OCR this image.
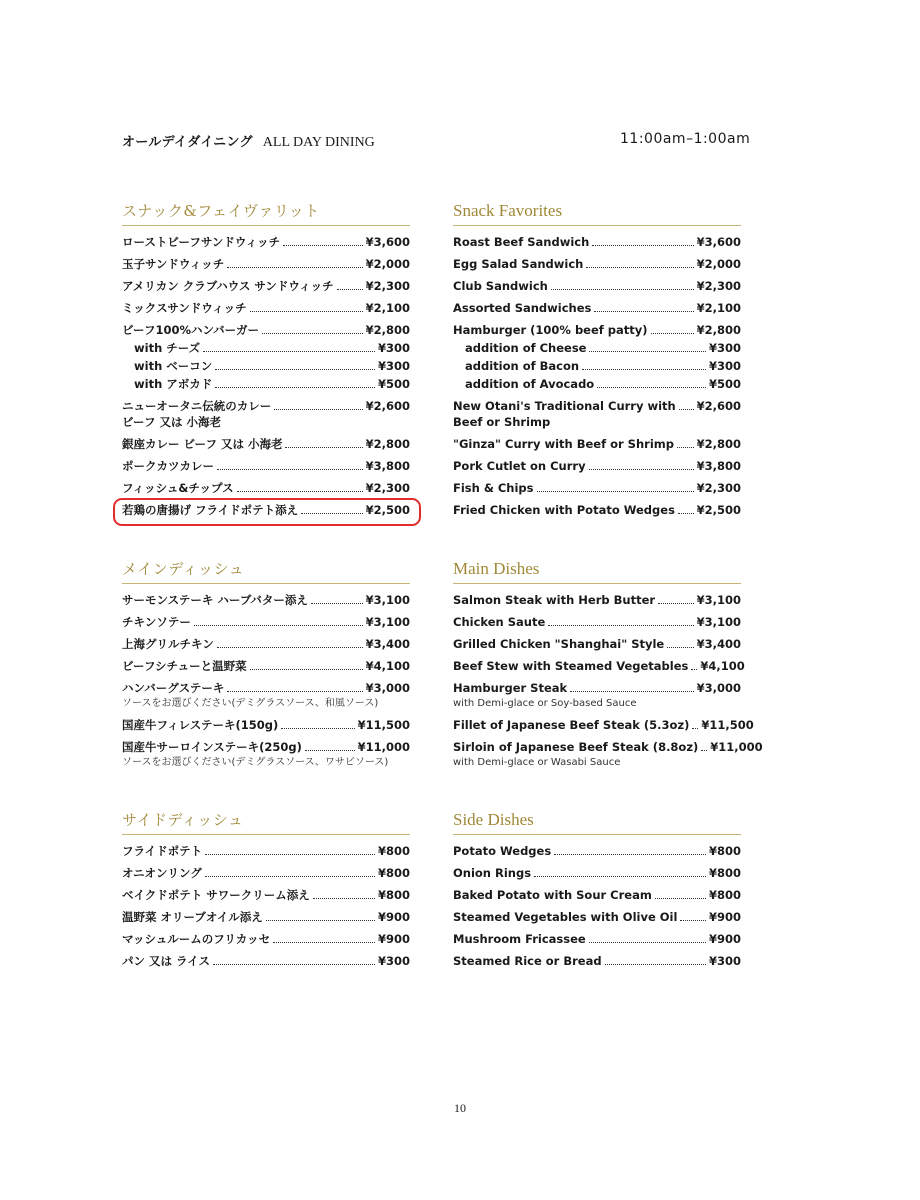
オールデイダイニング ALL DAY DINING	11:00am–1:00am
スナック&フェイヴァリット
ローストビーフサンドウィッチ	¥3,600
玉子サンドウィッチ	¥2,000
アメリカン クラブハウス サンドウィッチ	¥2,300
ミックスサンドウィッチ	¥2,100
ビーフ100%ハンバーガー	¥2,800
with チーズ	¥300
with ベーコン	¥300
with アボカド	¥500
ニューオータニ伝統のカレー	¥2,600
ビーフ 又は 小海老
銀座カレー ビーフ 又は 小海老	¥2,800
ポークカツカレー	¥3,800
フィッシュ&チップス	¥2,300
若鶏の唐揚げ フライドポテト添え	¥2,500
メインディッシュ
サーモンステーキ ハーブバター添え	¥3,100
チキンソテー	¥3,100
上海グリルチキン	¥3,400
ビーフシチューと温野菜	¥4,100
ハンバーグステーキ	¥3,000
ソースをお選びください(デミグラスソース、和風ソース)
国産牛フィレステーキ(150g)	¥11,500
国産牛サーロインステーキ(250g)	¥11,000
ソースをお選びください(デミグラスソース、ワサビソース)
サイドディッシュ
フライドポテト	¥800
オニオンリング	¥800
ベイクドポテト サワークリーム添え	¥800
温野菜 オリーブオイル添え	¥900
マッシュルームのフリカッセ	¥900
パン 又は ライス	¥300
Snack Favorites
Roast Beef Sandwich	¥3,600
Egg Salad Sandwich	¥2,000
Club Sandwich	¥2,300
Assorted Sandwiches	¥2,100
Hamburger (100% beef patty)	¥2,800
addition of Cheese	¥300
addition of Bacon	¥300
addition of Avocado	¥500
New Otani's Traditional Curry with ¥2,600
Beef or Shrimp
"Ginza" Curry with Beef or Shrimp ¥2,800
Pork Cutlet on Curry	¥3,800
Fish & Chips	¥2,300
Fried Chicken with Potato Wedges ¥2,500
Main Dishes
Salmon Steak with Herb Butter	¥3,100
Chicken Saute	¥3,100
Grilled Chicken "Shanghai" Style	¥3,400
Beef Stew with Steamed Vegetables ¥4,100
Hamburger Steak	¥3,000
with Demi-glace or Soy-based Sauce
Fillet of Japanese Beef Steak (5.3oz) ¥11,500
Sirloin of Japanese Beef Steak (8.8oz) ¥11,000
with Demi-glace or Wasabi Sauce
Side Dishes
Potato Wedges	¥800
Onion Rings	¥800
Baked Potato with Sour Cream	¥800
Steamed Vegetables with Olive Oil	¥900
Mushroom Fricassee	¥900
Steamed Rice or Bread	¥300
10
